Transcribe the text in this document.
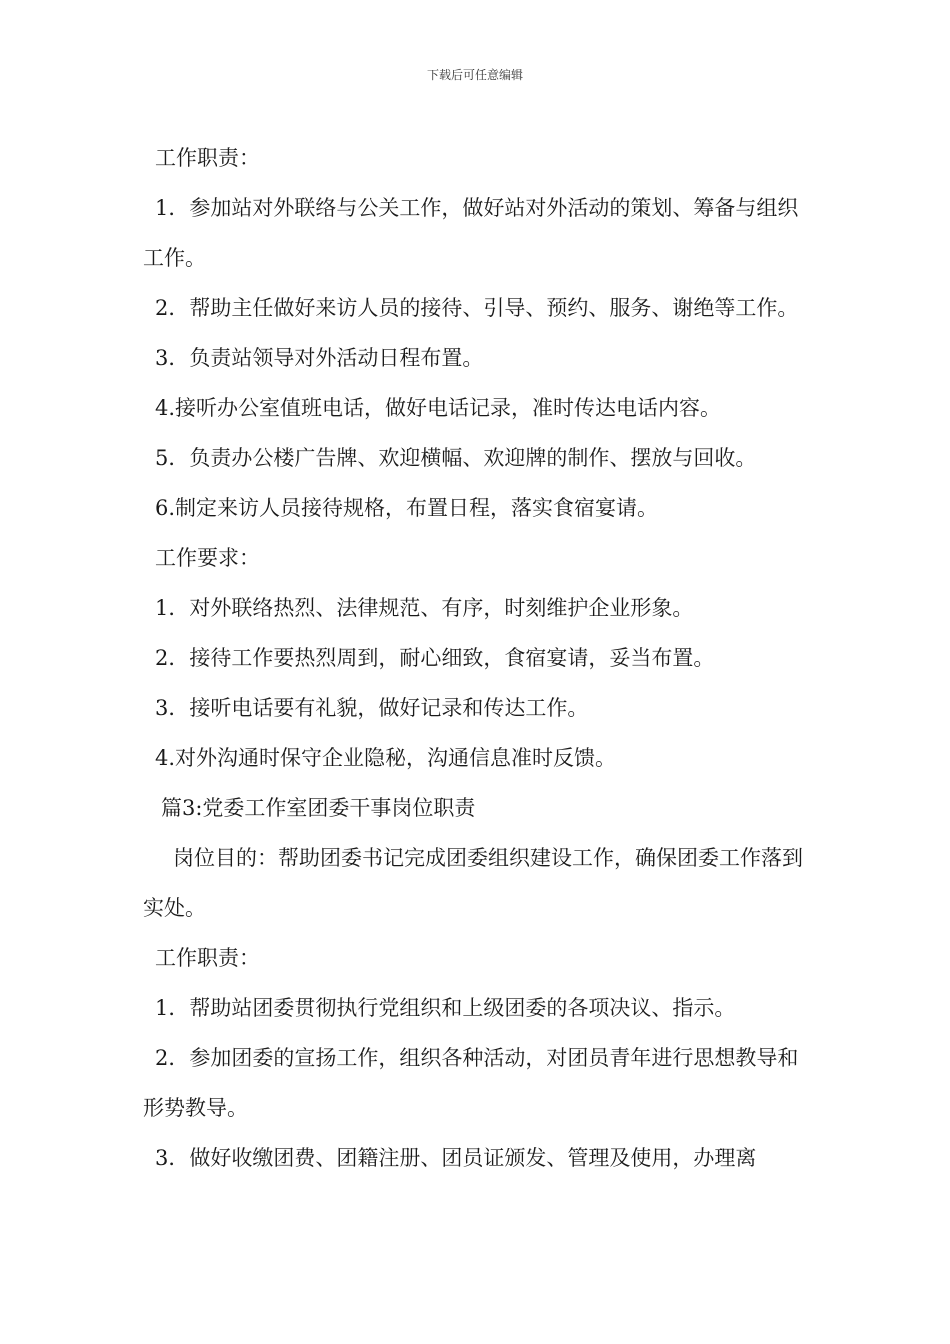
下载后可任意编辑

工作职责：

1．参加站对外联络与公关工作，做好站对外活动的策划、筹备与组织工作。

2．帮助主任做好来访人员的接待、引导、预约、服务、谢绝等工作。

3．负责站领导对外活动日程布置。

4.接听办公室值班电话，做好电话记录，准时传达电话内容。

5．负责办公楼广告牌、欢迎横幅、欢迎牌的制作、摆放与回收。

6.制定来访人员接待规格，布置日程，落实食宿宴请。

工作要求：

1．对外联络热烈、法律规范、有序，时刻维护企业形象。

2．接待工作要热烈周到，耐心细致，食宿宴请，妥当布置。

3．接听电话要有礼貌，做好记录和传达工作。

4.对外沟通时保守企业隐秘，沟通信息准时反馈。

篇3:党委工作室团委干事岗位职责

岗位目的：帮助团委书记完成团委组织建设工作，确保团委工作落到实处。

工作职责：

1．帮助站团委贯彻执行党组织和上级团委的各项决议、指示。

2．参加团委的宣扬工作，组织各种活动，对团员青年进行思想教导和形势教导。

3．做好收缴团费、团籍注册、团员证颁发、管理及使用，办理离
